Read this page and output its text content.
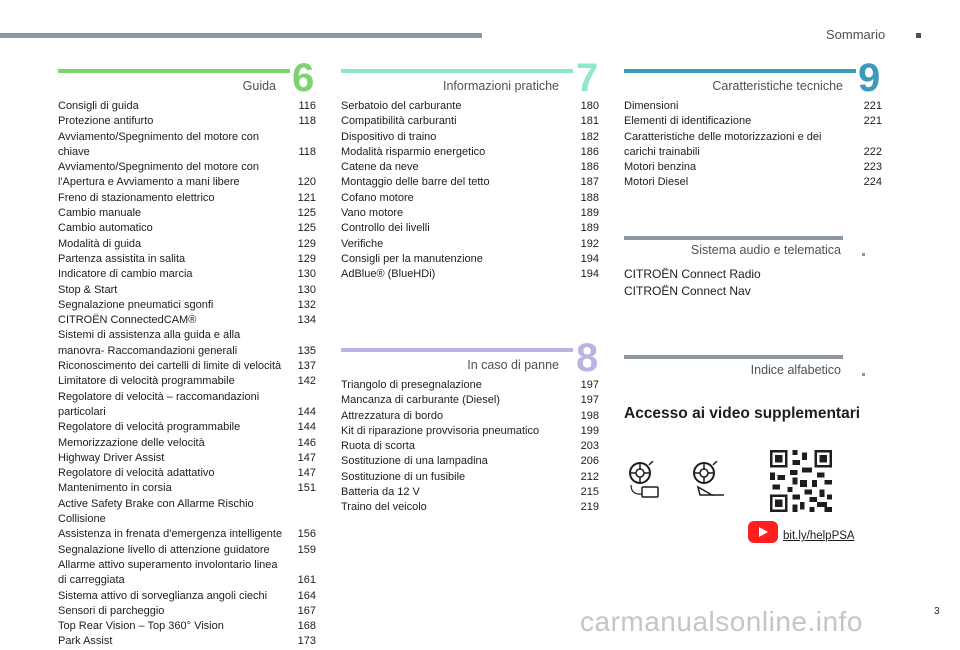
Sommario
Guida 6
Consigli di guida	116
Protezione antifurto	118
Avviamento/Spegnimento del motore con chiave	118
Avviamento/Spegnimento del motore con l'Apertura e Avviamento a mani libere	120
Freno di stazionamento elettrico	121
Cambio manuale	125
Cambio automatico	125
Modalità di guida	129
Partenza assistita in salita	129
Indicatore di cambio marcia	130
Stop & Start	130
Segnalazione pneumatici sgonfi	132
CITROËN ConnectedCAM®	134
Sistemi di assistenza alla guida e alla manovra- Raccomandazioni generali	135
Riconoscimento dei cartelli di limite di velocità	137
Limitatore di velocità programmabile	142
Regolatore di velocità – raccomandazioni particolari	144
Regolatore di velocità programmabile	144
Memorizzazione delle velocità	146
Highway Driver Assist	147
Regolatore di velocità adattativo	147
Mantenimento in corsia	151
Active Safety Brake con Allarme Rischio Collisione
Assistenza in frenata d'emergenza intelligente	156
Segnalazione livello di attenzione guidatore	159
Allarme attivo superamento involontario linea di carreggiata	161
Sistema attivo di sorveglianza angoli ciechi	164
Sensori di parcheggio	167
Top Rear Vision – Top 360° Vision	168
Park Assist	173
Informazioni pratiche 7
Serbatoio del carburante	180
Compatibilità carburanti	181
Dispositivo di traino	182
Modalità risparmio energetico	186
Catene da neve	186
Montaggio delle barre del tetto	187
Cofano motore	188
Vano motore	189
Controllo dei livelli	189
Verifiche	192
Consigli per la manutenzione	194
AdBlue® (BlueHDi)	194
In caso di panne 8
Triangolo di presegnalazione	197
Mancanza di carburante (Diesel)	197
Attrezzatura di bordo	198
Kit di riparazione provvisoria pneumatico	199
Ruota di scorta	203
Sostituzione di una lampadina	206
Sostituzione di un fusibile	212
Batteria da 12 V	215
Traino del veicolo	219
Caratteristiche tecniche 9
Dimensioni	221
Elementi di identificazione	221
Caratteristiche delle motorizzazioni e dei carichi trainabili	222
Motori benzina	223
Motori Diesel	224
Sistema audio e telematica
CITROËN Connect Radio
CITROËN Connect Nav
Indice alfabetico
Accesso ai video supplementari
bit.ly/helpPSA
carmanualsonline.info	3
